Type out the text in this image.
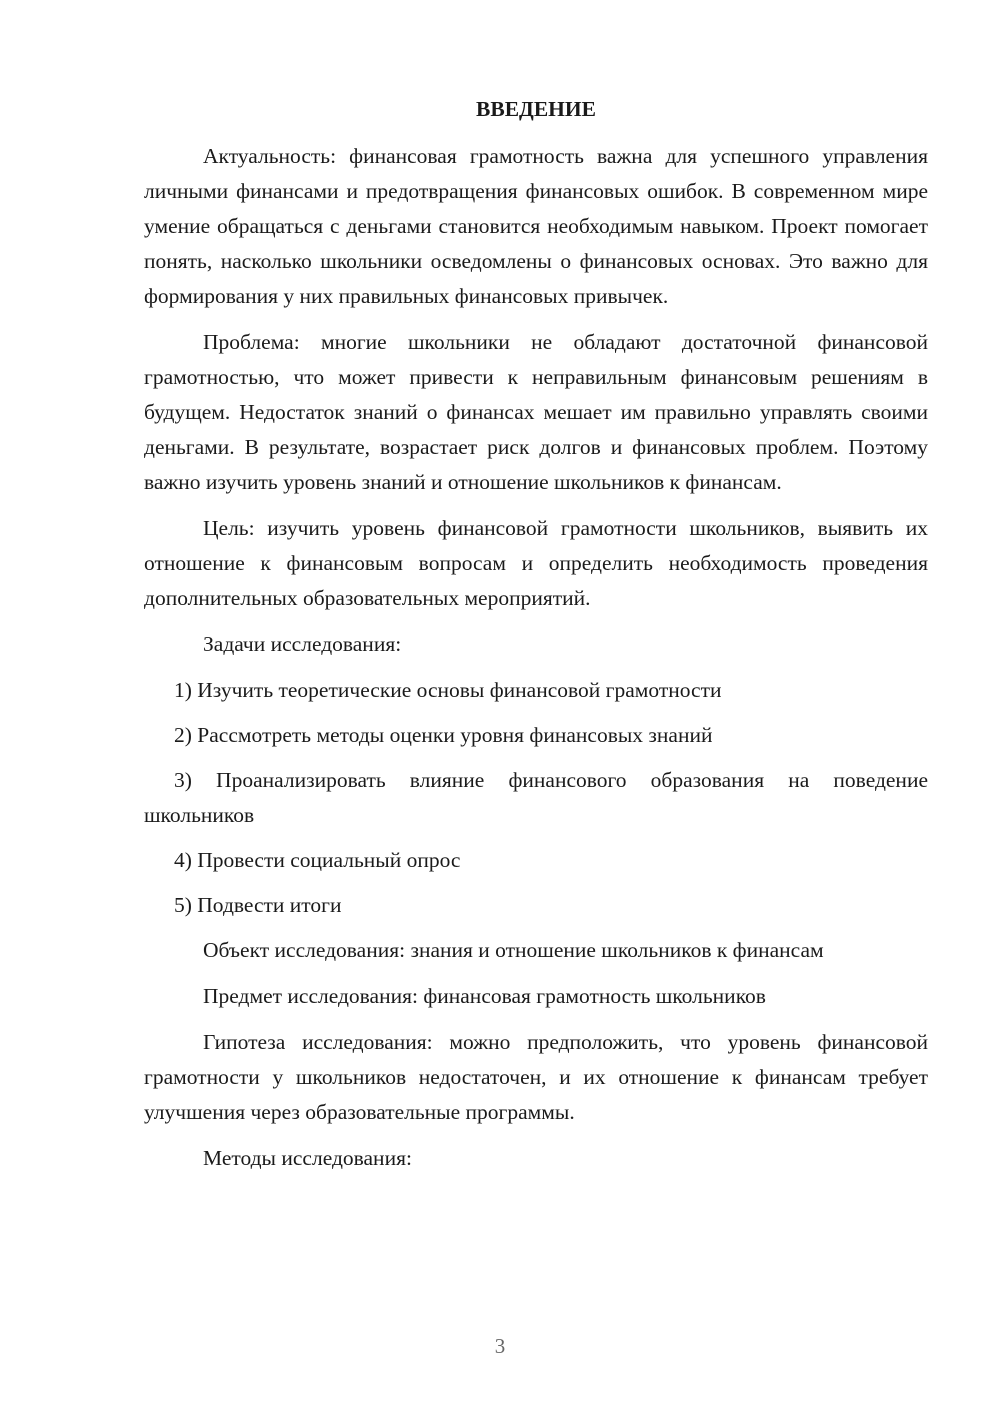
ВВЕДЕНИЕ

Актуальность: финансовая грамотность важна для успешного управления личными финансами и предотвращения финансовых ошибок. В современном мире умение обращаться с деньгами становится необходимым навыком. Проект помогает понять, насколько школьники осведомлены о финансовых основах. Это важно для формирования у них правильных финансовых привычек.

Проблема: многие школьники не обладают достаточной финансовой грамотностью, что может привести к неправильным финансовым решениям в будущем. Недостаток знаний о финансах мешает им правильно управлять своими деньгами. В результате, возрастает риск долгов и финансовых проблем. Поэтому важно изучить уровень знаний и отношение школьников к финансам.

Цель: изучить уровень финансовой грамотности школьников, выявить их отношение к финансовым вопросам и определить необходимость проведения дополнительных образовательных мероприятий.

Задачи исследования:

1) Изучить теоретические основы финансовой грамотности

2) Рассмотреть методы оценки уровня финансовых знаний

3) Проанализировать влияние финансового образования на поведение школьников

4) Провести социальный опрос

5) Подвести итоги

Объект исследования: знания и отношение школьников к финансам

Предмет исследования: финансовая грамотность школьников

Гипотеза исследования: можно предположить, что уровень финансовой грамотности у школьников недостаточен, и их отношение к финансам требует улучшения через образовательные программы.

Методы исследования:

3
